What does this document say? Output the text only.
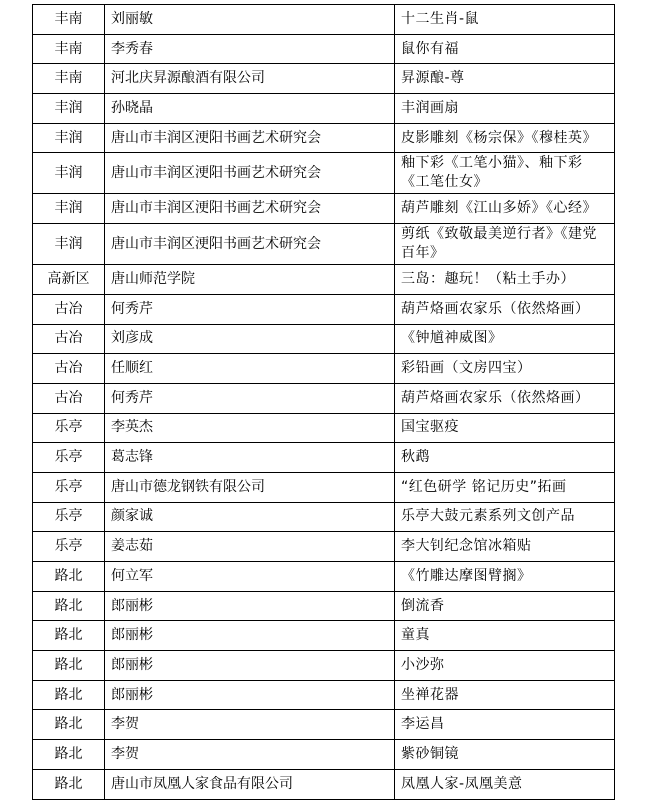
丰南	刘丽敏	十二生肖-鼠
丰南	李秀春	鼠你有福
丰南	河北庆昇源酿酒有限公司	昇源酿-尊
丰润	孙晓晶	丰润画扇
丰润	唐山市丰润区浭阳书画艺术研究会	皮影雕刻《杨宗保》《穆桂英》
丰润	唐山市丰润区浭阳书画艺术研究会	釉下彩《工笔小猫》、釉下彩《工笔仕女》
丰润	唐山市丰润区浭阳书画艺术研究会	葫芦雕刻《江山多娇》《心经》
丰润	唐山市丰润区浭阳书画艺术研究会	剪纸《致敬最美逆行者》《建党百年》
高新区	唐山师范学院	三岛：趣玩！（粘土手办）
古冶	何秀芹	葫芦烙画农家乐（依然烙画）
古冶	刘彦成	《钟馗神威图》
古冶	任顺红	彩铅画（文房四宝）
古冶	何秀芹	葫芦烙画农家乐（依然烙画）
乐亭	李英杰	国宝驱疫
乐亭	葛志锋	秋鹉
乐亭	唐山市德龙钢铁有限公司	“红色研学 铭记历史”拓画
乐亭	颜家诚	乐亭大鼓元素系列文创产品
乐亭	姜志茹	李大钊纪念馆冰箱贴
路北	何立军	《竹雕达摩图臂搁》
路北	郎丽彬	倒流香
路北	郎丽彬	童真
路北	郎丽彬	小沙弥
路北	郎丽彬	坐禅花器
路北	李贺	李运昌
路北	李贺	紫砂铜镜
路北	唐山市凤凰人家食品有限公司	凤凰人家-凤凰美意
